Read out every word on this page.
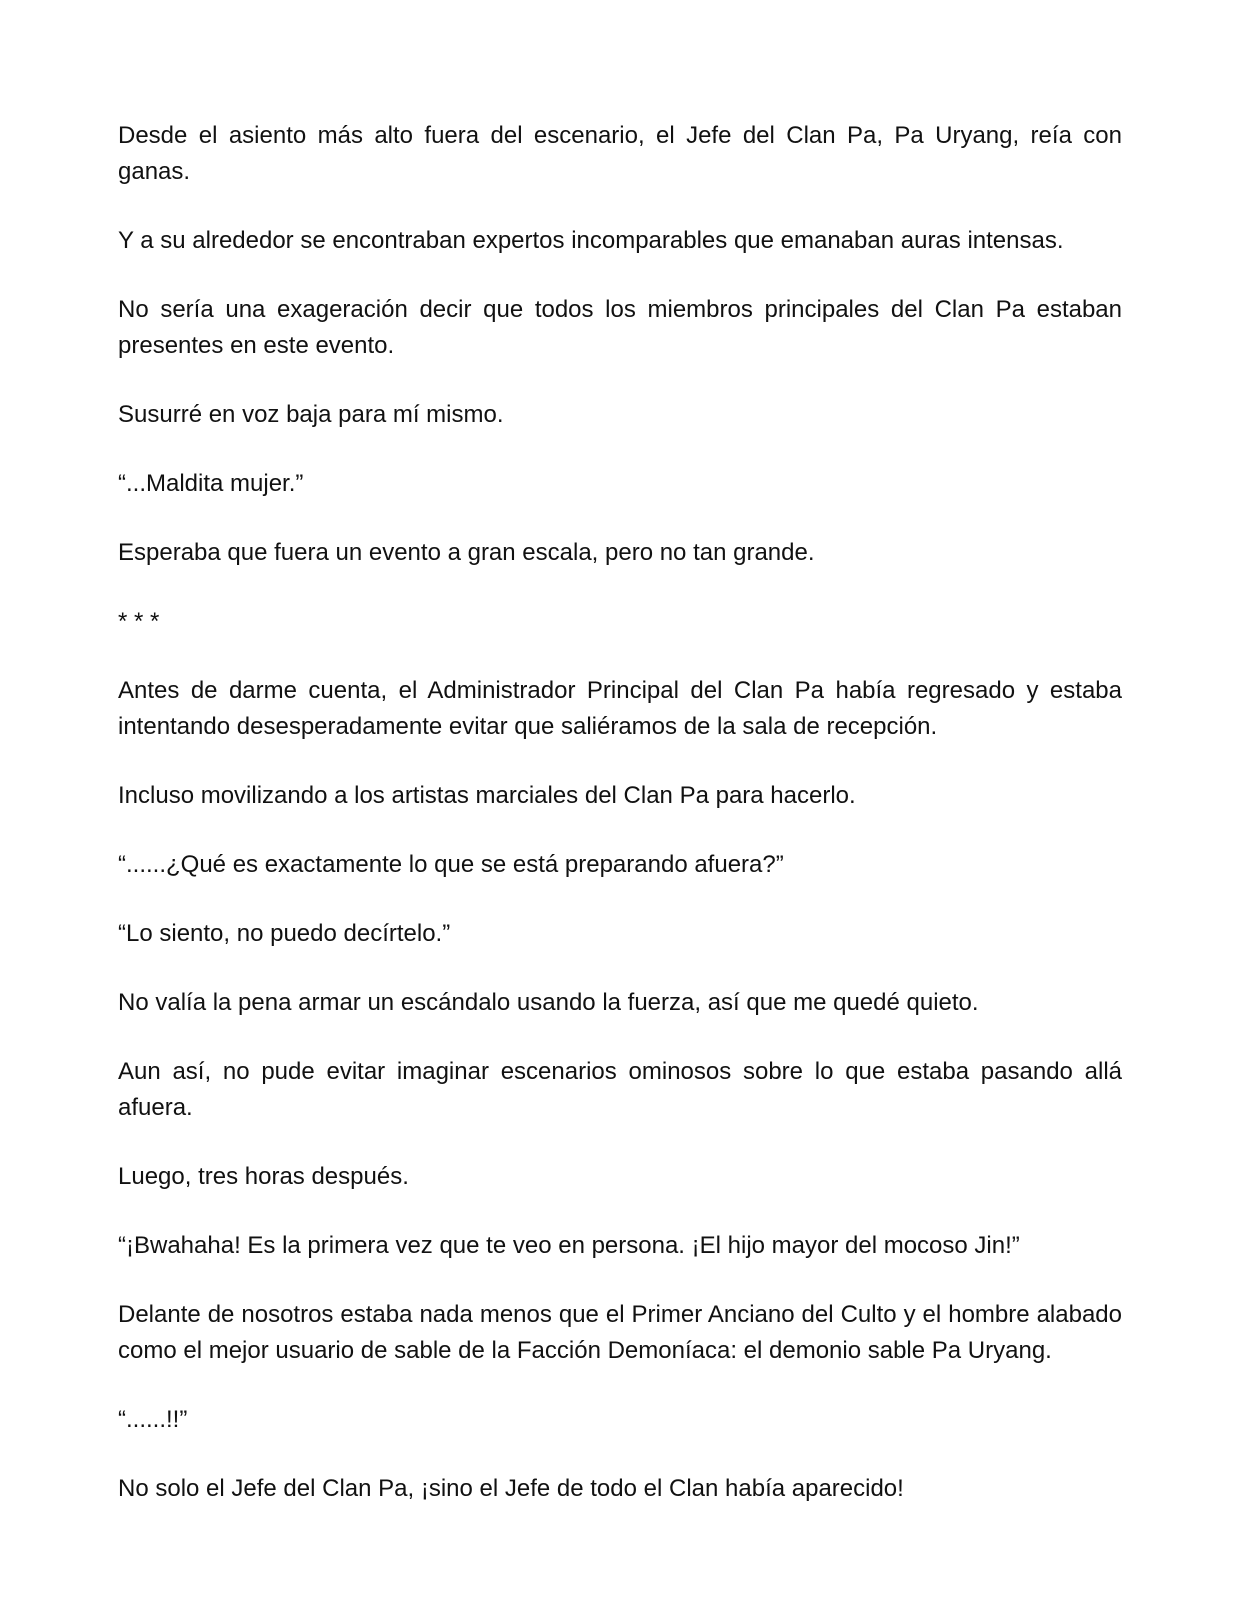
Desde el asiento más alto fuera del escenario, el Jefe del Clan Pa, Pa Uryang, reía con ganas.

Y a su alrededor se encontraban expertos incomparables que emanaban auras intensas.

No sería una exageración decir que todos los miembros principales del Clan Pa estaban presentes en este evento.

Susurré en voz baja para mí mismo.

“...Maldita mujer.”

Esperaba que fuera un evento a gran escala, pero no tan grande.

* * *

Antes de darme cuenta, el Administrador Principal del Clan Pa había regresado y estaba intentando desesperadamente evitar que saliéramos de la sala de recepción.

Incluso movilizando a los artistas marciales del Clan Pa para hacerlo.

“......¿Qué es exactamente lo que se está preparando afuera?”

“Lo siento, no puedo decírtelo.”

No valía la pena armar un escándalo usando la fuerza, así que me quedé quieto.

Aun así, no pude evitar imaginar escenarios ominosos sobre lo que estaba pasando allá afuera.

Luego, tres horas después.

“¡Bwahaha! Es la primera vez que te veo en persona. ¡El hijo mayor del mocoso Jin!”

Delante de nosotros estaba nada menos que el Primer Anciano del Culto y el hombre alabado como el mejor usuario de sable de la Facción Demoníaca: el demonio sable Pa Uryang.

“......!!”

No solo el Jefe del Clan Pa, ¡sino el Jefe de todo el Clan había aparecido!
